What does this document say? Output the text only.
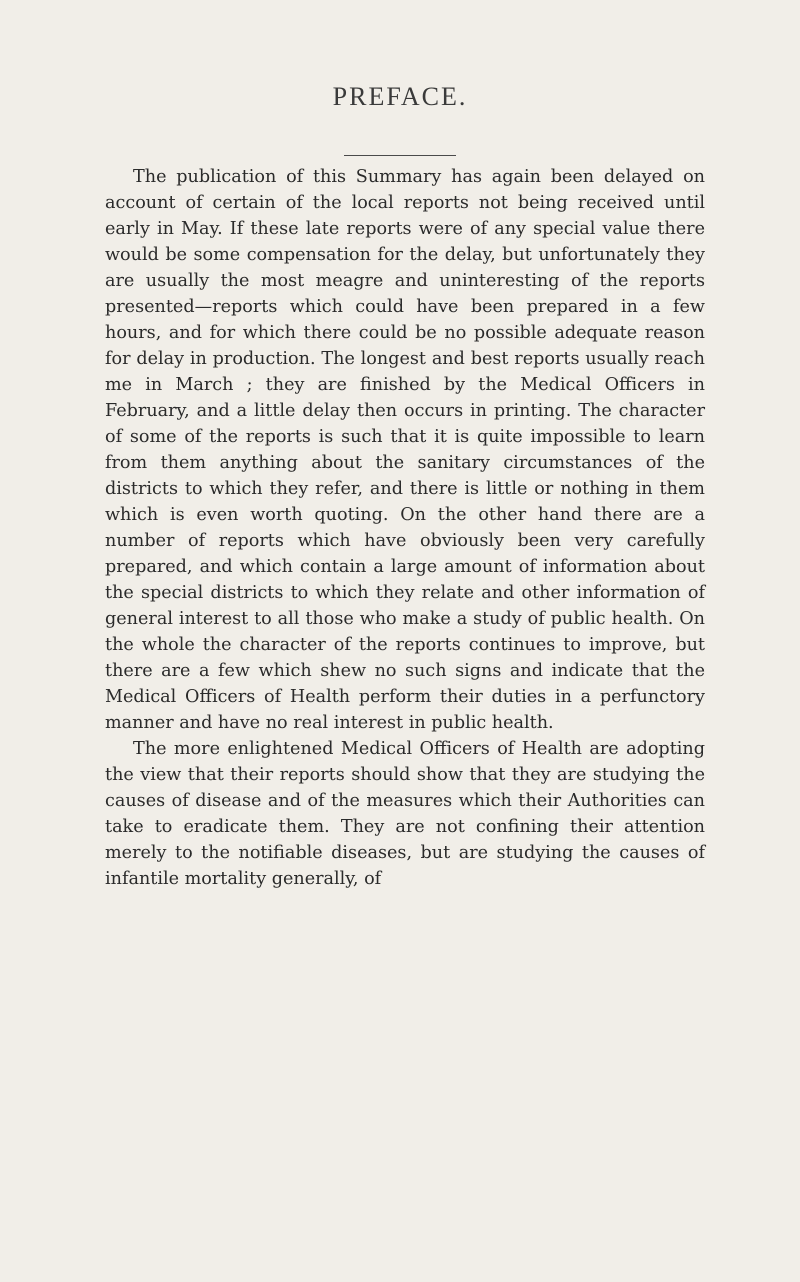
PREFACE.

The publication of this Summary has again been delayed on account of certain of the local reports not being received until early in May. If these late reports were of any special value there would be some compensation for the delay, but unfortunately they are usually the most meagre and uninteresting of the reports presented—reports which could have been prepared in a few hours, and for which there could be no possible adequate reason for delay in production. The longest and best reports usually reach me in March ; they are finished by the Medical Officers in February, and a little delay then occurs in printing. The character of some of the reports is such that it is quite impossible to learn from them anything about the sanitary circumstances of the districts to which they refer, and there is little or nothing in them which is even worth quoting. On the other hand there are a number of reports which have obviously been very carefully prepared, and which contain a large amount of information about the special districts to which they relate and other information of general interest to all those who make a study of public health. On the whole the character of the reports continues to improve, but there are a few which shew no such signs and indicate that the Medical Officers of Health perform their duties in a perfunctory manner and have no real interest in public health.

The more enlightened Medical Officers of Health are adopting the view that their reports should show that they are studying the causes of disease and of the measures which their Authorities can take to eradicate them. They are not confining their attention merely to the notifiable diseases, but are studying the causes of infantile mortality generally, of
